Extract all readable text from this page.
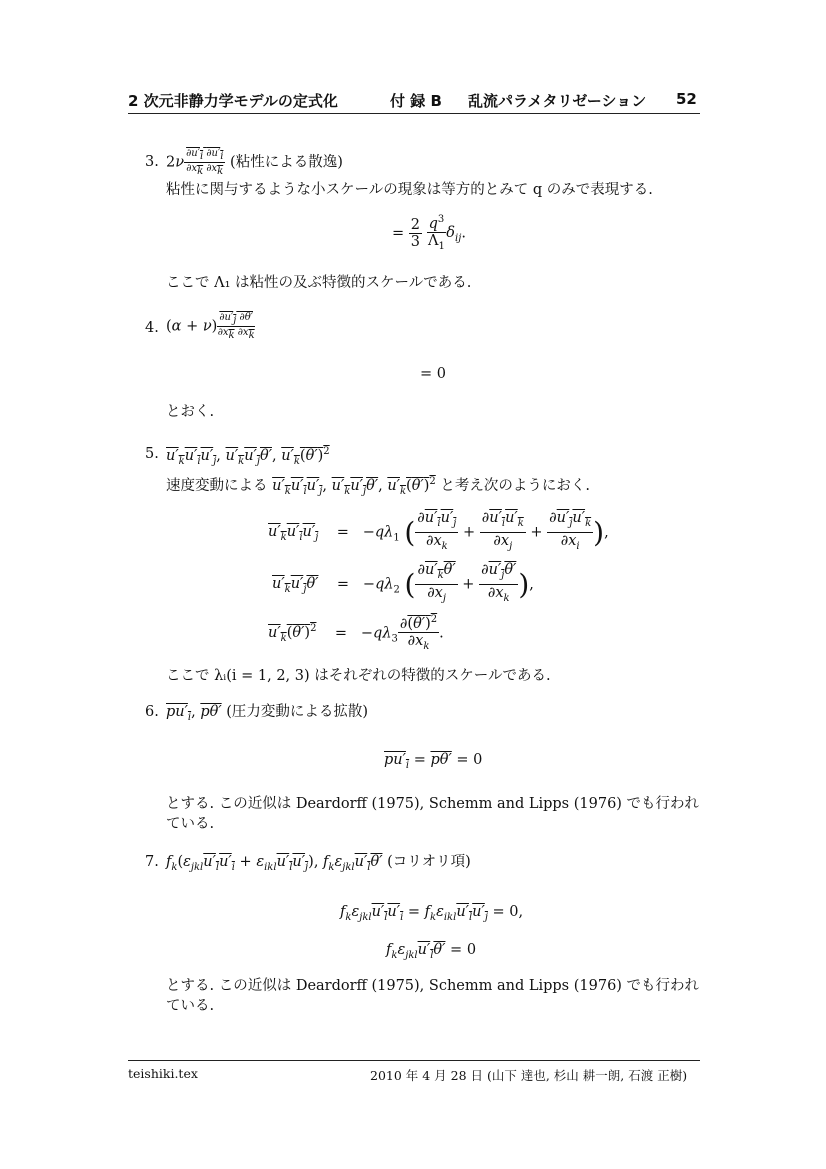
2 次元非静力学モデルの定式化	付 録 B 乱流パラメタリゼーション 52
3. $2\nu \frac{\partial u'_i \partial u'_i}{\partial x_k \partial x_k}$ (粘性による散逸)
粘性に関与するような小スケールの現象は等方的とみて q のみで表現する.
= $\frac{2}{3}$
$\frac{q^3}{\Lambda_1} \delta_{ij}$.
ここで Λ₁ は粘性の及ぶ特徴的スケールである.
4. $(\alpha + \nu) \frac{\partial u'_j \partial\theta'}{\partial x_k \partial x_k}$
= 0
とおく.
5. $u'_ku'_iu'_j$, $u'_ku'_j\theta'$, $u'_k(\theta')^2$
速度変動による $u'_ku'_iu'_j$, $u'_ku'_j\theta'$, $u'_k(\theta')^2$ と考え次のようにおく.
$u'_ku'_iu'_j$    =   $-q\lambda_1$ ( $\frac{\partial u'_iu'_j}{\partial x_k} + \frac{\partial u'_iu'_k}{\partial x_j} + \frac{\partial u'_ju'_k}{\partial x_i}$ ),
$u'_ku'_j\theta'$    =   $-q\lambda_2$ ( $\frac{\partial u'_k\theta'}{\partial x_j} + \frac{\partial u'_j\theta'}{\partial x_k}$ ),
$u'_k(\theta')^2$    =   $-q\lambda_3 \frac{\partial(\theta')^2}{\partial x_k}$ .
ここで λᵢ(i = 1, 2, 3) はそれぞれの特徴的スケールである.
6. $pu'_i$, pθ′ (圧力変動による拡散)
$pu'_i = p\theta' = 0$
とする. この近似は Deardorff (1975), Schemm and Lipps (1976) でも行われ
ている.
7. $f_k(\varepsilon_{jkl}u'_lu'_i + \varepsilon_{ikl}u'_lu'_j)$, $f_k\varepsilon_{jkl}u'_l\theta'$ (コリオリ項)
$f_k\varepsilon_{jkl}u'_lu'_i = f_k\varepsilon_{ikl}u'_lu'_j = 0$,
$f_k\varepsilon_{jkl}u'_l\theta' = 0$
とする. この近似は Deardorff (1975), Schemm and Lipps (1976) でも行われ
ている.
teishiki.tex	2010 年 4 月 28 日 (山下 達也, 杉山 耕一朗, 石渡 正樹)
